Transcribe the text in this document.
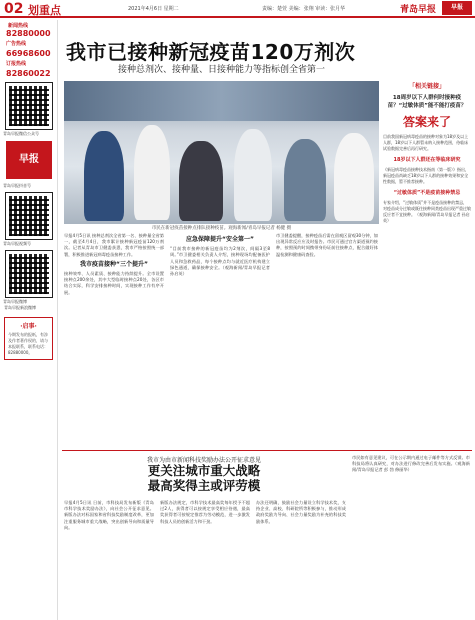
02 划重点	2021年4月6日 星期二	责编：楚萱 美编：张翔 审读：张月华	青岛早报	早报
新闻热线
82880000
广告热线
66968600
订报热线
82860022
青岛早报微信公众号
早报
青岛早报抖音号
青岛早报视频号
青岛早报微博
青岛早报新浪微博
·启事·
今期发布的报纸，有涉及作者著作权的，请与本报联系，联系电话：82880000。
我市已接种新冠疫苗120万剂次
接种总剂次、接种量、日接种能力等指标创全省第一
市民在新冠疫苗接种点排队接种疫苗。观海新闻/青岛早报记者 杨健 摄
早报4月5日讯 接种总剂次全省第一名、接种量全省第一，截至4月4日，我市累计接种新冠疫苗120万剂次。记者从青岛市卫健委获悉，我市严格按照统一部署，积极推进新冠病毒疫苗接种工作。
我市疫苗接种“三个提升”
接种效率、人员素质、接种能力持续提升。全市设置接种点200余处，其中大型临时接种点20处，各区市结合实际，科学安排接种时间，实现接种工作有序开展。
应急保障提升“安全第一”
“目前我市接种的新冠疫苗均为2剂次，间隔3至8周。”市卫健委相关负责人介绍，接种现场均配备医护人员和急救药品，每个接种点均与就近医疗机构建立绿色通道，确保接种安全。（观海新闻/青岛早报记者 孙启英）
市卫健委提醒，接种疫苗后需在留观区留观30分钟，如出现异常反应应及时报告。市民可通过官方渠道预约接种，按照预约时间携带身份证前往接种点，配合做好体温检测和健康码查验。
「相关链接」
18周岁以下人群何时接种疫苗？“过敏体质”能不能打疫苗？
答案来了
目前我国新冠病毒疫苗的接种对象为18岁及以上人群，18岁以下人群暂未纳入接种范围，待临床试验数据完善后再行研究。
18岁以下人群还在等临床研究
《新冠病毒疫苗接种技术指南（第一版）》指出，新冠疫苗尚缺乏18岁以下人群的接种效果和安全性数据，暂不推荐接种。
“过敏体质”不是疫苗接种禁忌
专家介绍，“过敏体质”并不是疫苗接种的禁忌，对疫苗成分过敏或既往接种同类疫苗出现严重过敏反应者不宜接种。（观海新闻/青岛早报记者 孙启英）
我市为由市新闻科技奖励办法公开征求意见
更关注城市重大战略
最高奖得主或评劳模
早报4月5日讯 日前，市科技局发布新版《青岛市科学技术奖励办法》，向社会公开征求意见。新版办法对标国家和省科技奖励制度改革，更加注重服务城市重大战略，突出创新导向和质量导向。
新版办法规定，市科学技术最高奖每年授予不超过2人，获得者可以按规定享受相应待遇，最高奖获得者可按规定推荐为劳动模范，进一步激发科技人员的创新活力和干劲。
办法还明确，鼓励社会力量设立科学技术奖，支持企业、高校、科研院所等积极参与，推动形成政府奖励为导向、社会力量奖励为补充的科技奖励体系。
市民如有意见建议，可在公示期内通过电子邮件等方式反馈。市科技局将认真研究，对办法进行修改完善后发布实施。（观海新闻/青岛早报记者 彭 勃 修丽华）
